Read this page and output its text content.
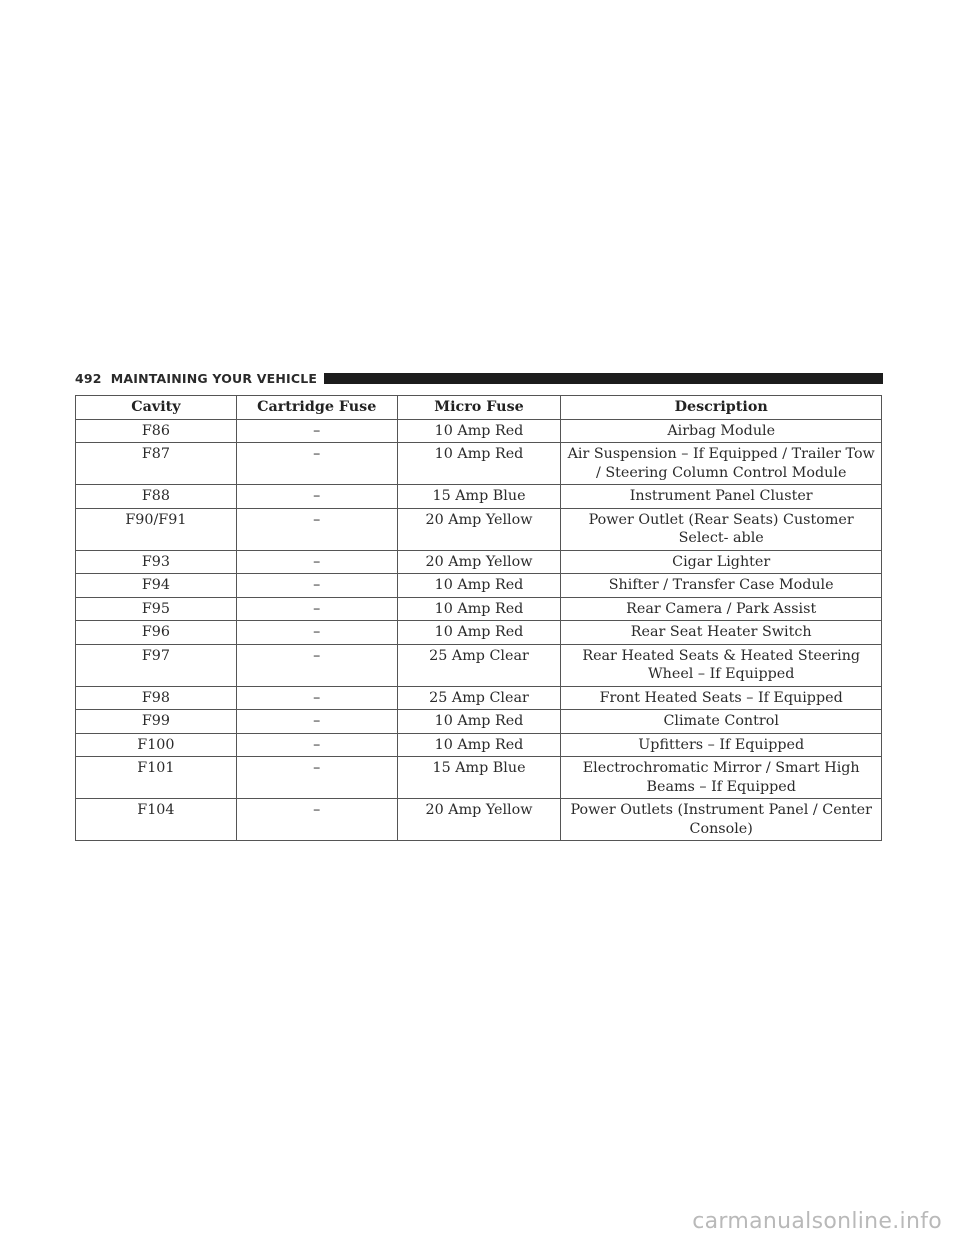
492 MAINTAINING YOUR VEHICLE
Cavity	Cartridge Fuse	Micro Fuse	Description
F86	–	10 Amp Red	Airbag Module
F87	–	10 Amp Red	Air Suspension – If Equipped / Trailer Tow / Steering Column Control Module
F88	–	15 Amp Blue	Instrument Panel Cluster
F90/F91	–	20 Amp Yellow	Power Outlet (Rear Seats) Customer Select- able
F93	–	20 Amp Yellow	Cigar Lighter
F94	–	10 Amp Red	Shifter / Transfer Case Module
F95	–	10 Amp Red	Rear Camera / Park Assist
F96	–	10 Amp Red	Rear Seat Heater Switch
F97	–	25 Amp Clear	Rear Heated Seats & Heated Steering Wheel – If Equipped
F98	–	25 Amp Clear	Front Heated Seats – If Equipped
F99	–	10 Amp Red	Climate Control
F100	–	10 Amp Red	Upfitters – If Equipped
F101	–	15 Amp Blue	Electrochromatic Mirror / Smart High Beams – If Equipped
F104	–	20 Amp Yellow	Power Outlets (Instrument Panel / Center Console)
carmanualsonline.info
